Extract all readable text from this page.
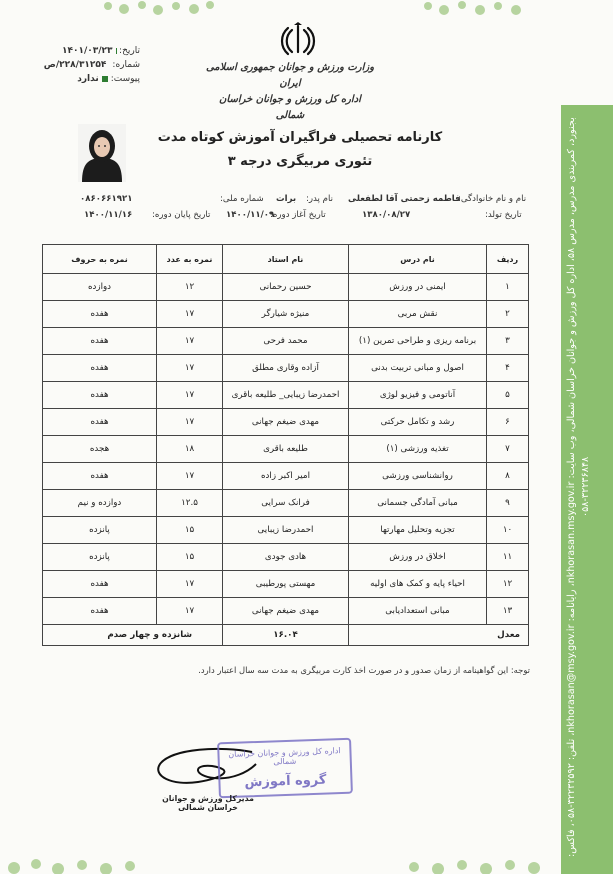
بجنورد، کمربندی مدرس، مدرس ۵۸، اداره کل ورزش و جوانان خراسان شمالی، وب سایت: nkhorasan.msy.gov.ir، رایانامه: nkhorasan@msy.gov.ir، تلفن: ۳۲۲۳۲۵۹۲-۰۵۸، فاکس: ۳۲۲۳۶۸۴۸-۰۵۸
وزارت ورزش و جوانان جمهوری اسلامی ایران
اداره کل ورزش و جوانان خراسان شمالی
تاریخ:
۱۴۰۱/۰۳/۲۳
شماره:
۲۲۸/۳۱۲۵۴/ص
پیوست:
ندارد
کارنامه تحصیلی فراگیران آموزش کوتاه مدت
تئوری مربیگری درجه ۳
نام و نام خانوادگی:
فاطمه زحمتی آقا لطفعلی
نام پدر:
برات
شماره ملی:
۰۸۶۰۶۶۱۹۲۱
تاریخ تولد:
۱۳۸۰/۰۸/۲۷
تاریخ آغاز دوره:
۱۴۰۰/۱۱/۰۹
تاریخ پایان دوره:
۱۴۰۰/۱۱/۱۶
ردیف	نام درس	نام استاد	نمره به عدد	نمره به حروف
۱	ایمنی در ورزش	حسین رحمانی	۱۲	دوازده
۲	نقش مربی	منیژه شیارگر	۱۷	هفده
۳	برنامه ریزی و طراحی تمرین (۱)	محمد فرحی	۱۷	هفده
۴	اصول و مبانی تربیت بدنی	آزاده وقاری مطلق	۱۷	هفده
۵	آناتومی و فیزیو لوژی	احمدرضا زیبایی_ طلیعه باقری	۱۷	هفده
۶	رشد و تکامل حرکتی	مهدی ضیغم جهانی	۱۷	هفده
۷	تغذیه ورزشی (۱)	طلیعه باقری	۱۸	هجده
۸	روانشناسی ورزشی	امیر اکبر زاده	۱۷	هفده
۹	مبانی آمادگی جسمانی	فرانک سرایی	۱۲.۵	دوازده و نیم
۱۰	تجزیه وتحلیل مهارتها	احمدرضا زیبایی	۱۵	پانزده
۱۱	اخلاق در ورزش	هادی جودی	۱۵	پانزده
۱۲	احیاء پایه و کمک های اولیه	مهستی پورطیبی	۱۷	هفده
۱۳	مبانی استعدادیابی	مهدی ضیغم جهانی	۱۷	هفده
معدل		۱۶.۰۴	شانزده و چهار صدم	
توجه: این گواهینامه از زمان صدور و در صورت اخذ کارت مربیگری به مدت سه سال اعتبار دارد.
اداره کل ورزش و جوانان خراسان شمالی
گروه آموزش
مدیرکل ورزش و جوانان خراسان شمالی
